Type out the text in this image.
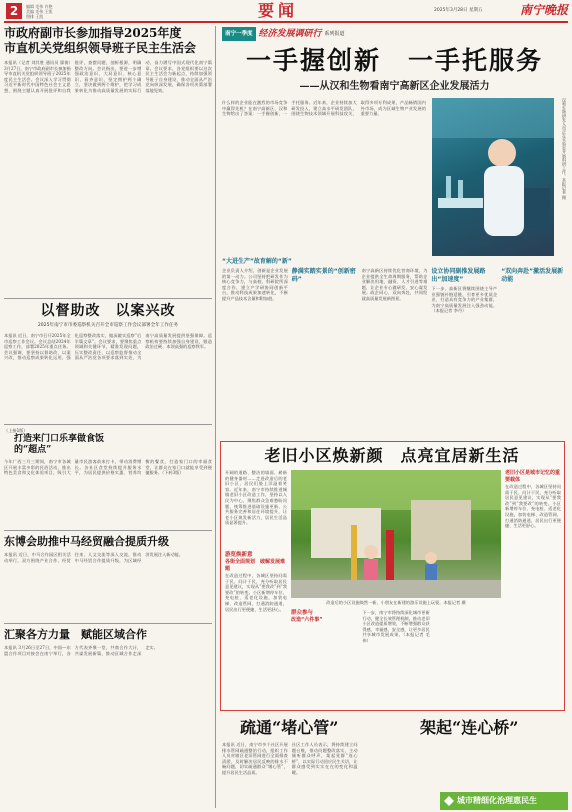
2	编辑 毛伟 许艳
美编 毛伟 王凯
照排 王凯	要闻	2025年3月28日 星期五	南宁晚报
市政府副市长参加指导2025年度
市直机关党组织领导班子民主生活会
本报讯（记者 刘其胜 通讯员 廖倩）3月27日，南宁市政府副市长参加指导市直机关党组织领导班子2025年度民主生活会。会议深入学习贯彻习近平新时代中国特色社会主义思想，围绕主题认真开展批评和自我批评，查摆问题，剖析根源，明确整改方向。会议指出，要进一步增强政治意识、大局意识、核心意识、看齐意识，坚定拥护两个确立，坚决做到两个维护，把学习成果转化为推动高质量发展的实际行动，奋力谱写中国式现代化南宁篇章。会议要求，各党组织要以这次民主生活会为新起点，持续加强领导班子自身建设，推动全面从严治党向纵深发展，确保各项决策部署落地见效。
以督助改　以案兴改
2025年南宁市市委巡察机关召开全市巡察工作会议部署全年工作任务
本报讯 近日，南宁市召开2025年全市巡察工作会议。会议总结2024年巡察工作，部署2025年重点任务。会议强调，要坚持以督助改、以案兴改，推动巡察成果转化运用，强化巡察整改落实，做深做实巡察“后半篇文章”。会议要求，要聚焦重点领域和关键环节，精准发现问题，压实整改责任，以巡察监督推动全面从严治党各项要求落到实处，为南宁高质量发展提供坚强保障。巡察机构要持续加强自身建设，锻造政治过硬、本领高强的巡察铁军。
（上接1版）
打造来门口乐享做食饭
的“超点”
今年广西三月三期间，南宁市各城区开展丰富多彩的民俗活动，推出特色美食和文化体验项目，吸引大量市民游客前来打卡，带动消费增长。各社区食堂持续提升服务水平，为居民提供价格实惠、营养均衡的餐食，打造家门口的幸福食堂，让群众在家门口就能享受到便捷服务。（下转3版）
东博会助推中马经贸融合提质升级
本报讯 近日，中马合作园区相关活动举行，双方围绕产业合作、经贸往来、人文交流等深入交流，推动中马经贸合作提质升级，为区域经济发展注入新动能。
汇聚各方力量　赋能区域合作
本报讯 3月26日至27日，中国—东盟合作项目对接会在南宁举行，各方代表齐聚一堂，共商合作大计，共谋发展新篇，推动区域合作走深走实。
南宁一季度 经济发展调研行 系列报道
一手握创新　一手托服务
——从汉和生物看南宁高新区企业发展活力
汉和生物研发人员正在实验室开展科研工作。本报记者 摄
什么样的企业能在激烈的市场竞争中赢得先机？在南宁高新区，汉和生物给出了答案：一手握创新，一手托服务。近年来，企业持续加大研发投入，建立高水平研发团队，围绕生物技术领域开展科技攻关，取得多项专利成果，产品畅销国内外市场，成为区域生物产业发展的重要力量。
“大进生产”故育解的“新”
企业负责人介绍，创新是企业发展的第一动力。公司坚持把研发作为核心竞争力，与高校、科研院所深度合作，建立产学研协同创新平台，推动科技成果加速转化，不断提升产品技术含量和附加值。
静满实踏实景的“创新密码”
南宁高新区持续优化营商环境，为企业提供全生命周期服务，帮助企业解决用地、融资、人才引进等难题，让企业专心做研发、安心谋发展。政企同心，双向奔赴，共同绘就高质量发展新图景。
设立协同副推发展路出“加速度”
下一步，高新区将继续围绕主导产业强链补链延链，引育更多优质企业，打造具有竞争力的产业集群，为南宁高质量发展注入强劲动能。（本报记者 李丹）
“双向奔赴”激活发展新动能
老旧小区焕新颜　点亮宜居新生活
开阔的道路、整洁的墙面、崭新的健身器材……走进改造后的老旧小区，居民们脸上洋溢着笑容。近年来，南宁市持续推进城镇老旧小区改造工作，坚持以人民为中心，聚焦群众急难愁盼问题，统筹推进基础设施更新、公共服务完善和居住环境提升，让老小区焕发新活力，居民生活品质显著提升。
游览焕新意
各街全面规划　破解发展难题
在改造过程中，各城区坚持问需于民、问计于民，充分听取居民意见建议，实现从“要我改”到“我要改”的转变。小区新增停车位、充电桩、适老化设施，加装电梯、改造管网，打通消防通道，居民出行更便捷、生活更舒心。
改造后的小区设施焕然一新，小朋友在新建的游乐设施上玩耍。本报记者 摄
群众参与
改造“六件事”
下一步，南宁市将持续深化城市更新行动，健全长效管理机制，推动老旧小区改造提质增效，不断增强群众获得感、幸福感、安全感，让更多居民共享城市发展成果。（本报记者 毛伟）
老旧小区是城市记忆的重要载体
在改造过程中，各城区坚持问需于民、问计于民，充分听取居民意见建议，实现从“要我改”到“我要改”的转变。小区新增停车位、充电桩、适老化设施，加装电梯、改造管网，打通消防通道，居民出行更便捷、生活更舒心。
疏通“堵心管”	架起“连心桥”
本报讯 近日，南宁市多个社区开展排水管网疏通整治行动，组织工作人员对辖区老旧管网进行全面排查清淤，及时解决居民反映的排水不畅问题，切实疏通群众“堵心管”，提升居民生活品质。
社区工作人员表示，将持续建立问题台账，推动问题整改落实，主动倾听群众呼声，架起党群“连心桥”，以实际行动回应民生关切，让群众感受到实实在在的变化和温暖。
城市精细化治理惠民生
